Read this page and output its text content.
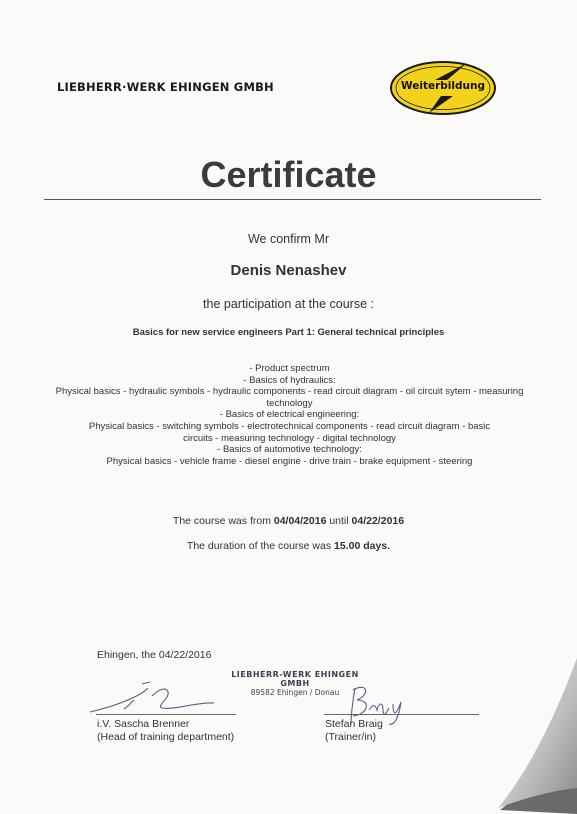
LIEBHERR·WERK EHINGEN GMBH	Weiterbildung
Certificate
We confirm Mr
Denis Nenashev
the participation at the course :
Basics for new service engineers Part 1: General technical principles
- Product spectrum
- Basics of hydraulics:
Physical basics - hydraulic symbols - hydraulic components - read circuit diagram - oil circuit sytem - measuring
technology
- Basics of electrical engineering:
Physical basics - switching symbols - electrotechnical components - read circuit diagram - basic
circuits - measuring technology - digital technology
- Basics of automotive technology:
Physical basics - vehicle frame - diesel engine - drive train - brake equipment - steering
The course was from 04/04/2016 until 04/22/2016
The duration of the course was 15.00 days.
Ehingen, the 04/22/2016
LIEBHERR-WERK EHINGEN
GMBH
89582 Ehingen / Donau
i.V. Sascha Brenner
(Head of training department)
Stefan Braig
(Trainer/in)
